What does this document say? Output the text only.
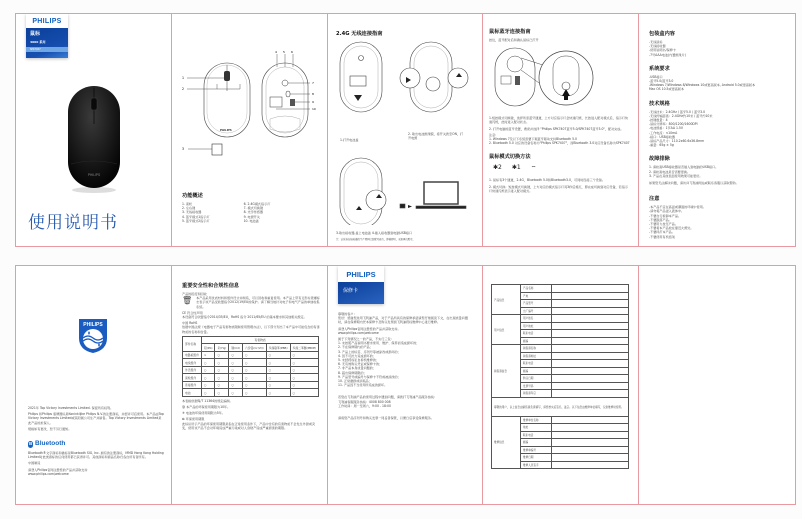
PHILIPS
鼠标
4000 系列
SPK7407
PHILIPS
使用说明书
PHILIPS
1
2
3
4 5 6
7
8
9
10
功能概述
1. 滚轮
2. 左右键
3. 无线接收器
4. 蓝牙模式1指示灯
5. 蓝牙模式2指示灯
6. 2.4G模式指示灯
7. 模式切换键
8. 光学传感器
9. 电源开关
10. 电池盖
2.4G 无线连接指南
1.打开电池盖
2. 取出电池绝缘膜，将开关拨至ON，打开电源
3.取出接收器,盖上电池盖 4.插入接收器到电脑USB接口
注：该鼠标在接收器的生产期间已经配对成功，即插即用，无需再次配对。
鼠标蓝牙连接指南
按住，蓝牙配对后和确认鼠标已打开

1.短按模式切换键，选择所需蓝牙通道，上方对应指示灯会快速闪烁，长按进入配对模式后，指示灯快速闪烁，此时进入配对状态。

2. 打开电脑的蓝牙设置，搜索并选择 "Philips SPK7407蓝牙5.0/SPK7407蓝牙3.0"，配对完成。

注意：
1. Windows 7及以下系统需要下载蓝牙驱动支持Bluetooth 5.0
2. Bluetooth 5.0 对应的设备名称为"Philips SPK7407"，而Bluetooth 3.0对应设备名称为SPK7407
鼠标模式切换方法
✱2 ✱1 ⌔

1. 鼠标有3个通道，2.4G，Bluetooth 5.0和Bluetooth3.0，可同时连接三个设备。

2. 模式切换：短按模式切换键，上方对应的模式指示灯亮3秒后熄灭，即完成切换到对应设备，若指示灯快速闪烁表示进入配对模式。

包装盒内容
-无线鼠标
-无线接收器
-使用说明书/保修卡
-7号AAA电池(内置绝缘片)
系统要求
-USB接口
-蓝牙5.0/蓝牙3.0
-Windows 7/Windows 8/Windows 10或更高版本, Android 5.0或更高版本
Mac OS 10.5或更高版本
技术规格
-无线技术：2.4GHz / 蓝牙5.0 / 蓝牙3.0
-无线传输距离：2.4GHz约10米 / 蓝牙约10米
-按键数量：4
-鼠标分辨率：800/1200/1600DPI
-电池规格：1节AA 1.5V
-工作电流：<10mA
-接口：USB接收器
-鼠标产品尺寸：110.2x60.6x36.8mm
-重量：65g ± 5g
故障排除
1. 请检查USB接收器是否插入到电脑的USB接口。
2. 请检查电池是否需要更换。
3. 产品在其他表面使用效果可能更好。

如果您无法解决问题，请访问飞利浦网站或联系客服以获取帮助。

注意
-本产品不宜在高温或潮湿的环境中使用。
-请勿将产品浸入液体中。
-不要自行拆卸本产品。
-不要跌落产品。
-不要用力按压产品。
-不要将本产品放在靠近火源处。
-不要摔打本产品。
-不要使用有机溶剂
PHILIPS

2021年 Top Victory Investments Limited. 保留所有权利。

Philips 和Philips 盾牌图标是Koninklijke Philips N.V.的注册商标，并经许可后使用。本产品由Top Victory Investments Limited或其附属公司生产并销售。Top Victory Investments Limited是此产品的担保人。

规格如有更改，恕不另行通知。

ʙ Bluetooth

Bluetooth®文字商标和徽标是Bluetooth SIG, Inc. 拥有的注册商标，MMD Hong Kong Holding Limited对此类商标的任何使用都已获得许可。其他商标和商品名称归各自所有者所有。

中国制造

请登入Philips官网注册您的产品并获取支持
www.philips.com/welcome
重要安全性和合规性信息
产品的报废和回收
🗑 本产品采用优质材料和组件设计并制造，可以回收和重复使用。本产品上带有叉形垃圾桶标志表示该产品受欧盟指令2012/19/EU的保护。请了解当地针对电子和电气产品的单独收集系统。

CE 符合性声明

本设备符合欧盟指令2014/35/EU，RoHS 指令 2011/65/EU 的基本要求和其他相关规定。

中国 RoHS

依据中国法规《电器电子产品有害物质限制使用管理办法》，以下部分列出了本产品中可能包含的有害物质的名称和含量。

部件名称	有害物质					
	铅(Pb)	汞(Hg)	镉(Cd)	六价铬(Cr(VI))	多溴联苯(PBB)	多溴二苯醚(PBDE)
电路板组件	×	○	○	○	○	○
电线组件	○	○	○	○	○	○
外壳组件	○	○	○	○	○	○
滚轮组件	○	○	○	○	○	○
连接组件	○	○	○	○	○	○
电池	○	○	○	○	○	○

本表格依据SJ/T 11364的规定编制。

⓾ 本产品的环保使用期限为10年。

⑤ 电池的环保使用期限为5年。

♻ 环保使用期限

此标识所示产品的环保使用期限是指在正常使用条件下，产品中含有的有害物质不会发生外泄或突变，使用该产品不会对环境造成严重污染或对人身财产造成严重损害的期限。

PHILIPS
保修卡
尊敬的客户：

您好！感谢您选用飞利浦产品，对于产品所具有的保修承诺请您仔细阅读下文，在出现质量问题时，请在保修期内凭本保修卡及购买发票到飞利浦授权维修中心进行维修。

请登入Philips官网注册您的产品并获取支持。

www.philips.com/welcome

属于下列情况之一的产品，不实行三包：
1. 未按照产品说明书要求使用、维护、保养而造成损坏的；
2. 不在保修期内的产品；
3. 产品上的标签、序列号等被涂改或损坏的；
4. 因不可抗力造成损坏的；
5. 未经授权私自拆机维修的；
6. 无有效购买凭证或保修卡的；
7. 非产品本身质量问题的；
8. 超出保修期限的；
9. 产品型号或编号与保修卡不符或被涂改的；
10. 正常磨损或消耗品；
11. 产品因不当使用所造成的损坏。
若您在飞利浦产品的使用过程中遇到问题，请拨打飞利浦产品服务热线：
飞利浦客服服务热线：4008 800 008
工作时间：周一至周六，9:00 - 18:00
请将您产品序列号和购买发票一同妥善保管，以便日后享受保修服务。
产品信息	产品名称	
	产地	
	产品型号	
	出厂编号	
用户信息	用户姓名	
	用户地址	
	联系电话	
	邮编	
销售商信息	销售商名称	
	销售商地址	
	联系电话	
	邮编	
	购买日期	
	发票号码	
	销售商印章	
尊敬的用户，以上信息由销售商负责填写，请您核实后签名、盖章。以下信息由维修单位填写，仅供维修时使用。		
维修信息	维修单位名称	
	地址	
	联系电话	
	邮编	
	维修单编号	
	维修日期	
	维修人员签字	
